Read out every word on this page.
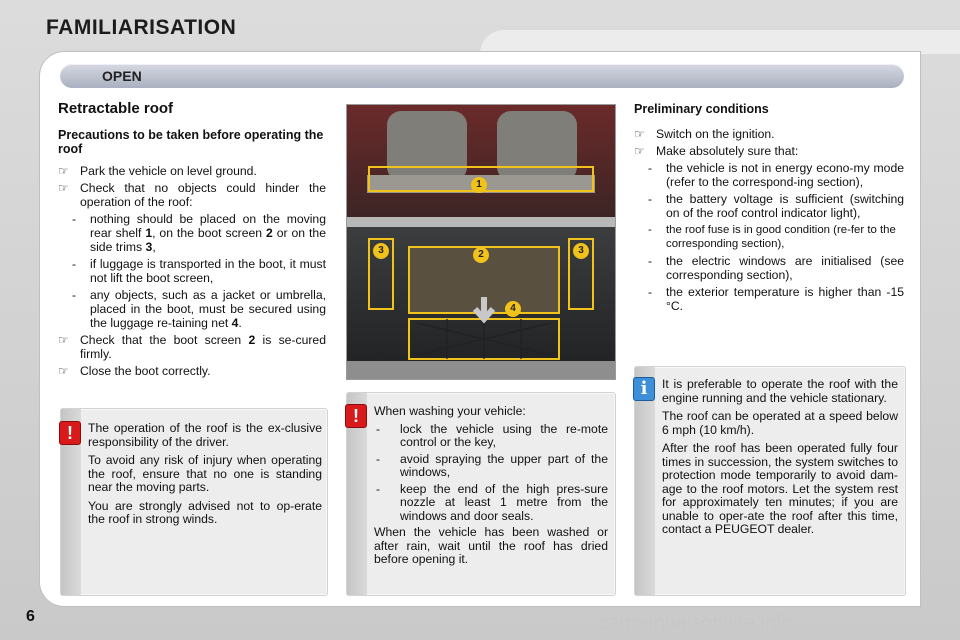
FAMILIARISATION
OPEN
Retractable roof
Precautions to be taken before operating the roof
☞ Park the vehicle on level ground.
☞ Check that no objects could hinder the operation of the roof:
- nothing should be placed on the moving rear shelf 1, on the boot screen 2 or on the side trims 3,
- if luggage is transported in the boot, it must not lift the boot screen,
- any objects, such as a jacket or umbrella, placed in the boot, must be secured using the luggage re-taining net 4.
☞ Check that the boot screen 2 is se-cured firmly.
☞ Close the boot correctly.
1
2
3	3
4
Preliminary conditions
☞ Switch on the ignition.
☞ Make absolutely sure that:
- the vehicle is not in energy econo-my mode (refer to the correspond-ing section),
- the battery voltage is sufficient (switching on of the roof control indicator light),
- the roof fuse is in good condition (re-fer to the corresponding section),
- the electric windows are initialised (see corresponding section),
- the exterior temperature is higher than -15 °C.

The operation of the roof is the ex-clusive responsibility of the driver.

To avoid any risk of injury when operating the roof, ensure that no one is standing near the moving parts.

You are strongly advised not to op-erate the roof in strong winds.

!

When washing your vehicle:

- lock the vehicle using the re-mote control or the key,
- avoid spraying the upper part of the windows,
- keep the end of the high pres-sure nozzle at least 1 metre from the windows and door seals.

When the vehicle has been washed or after rain, wait until the roof has dried before opening it.

!

It is preferable to operate the roof with the engine running and the vehicle stationary.

The roof can be operated at a speed below 6 mph (10 km/h).

After the roof has been operated fully four times in succession, the system switches to protection mode temporarily to avoid dam-age to the roof motors. Let the system rest for approximately ten minutes; if you are unable to oper-ate the roof after this time, contact a PEUGEOT dealer.

i
6	carmanualsonline.info
